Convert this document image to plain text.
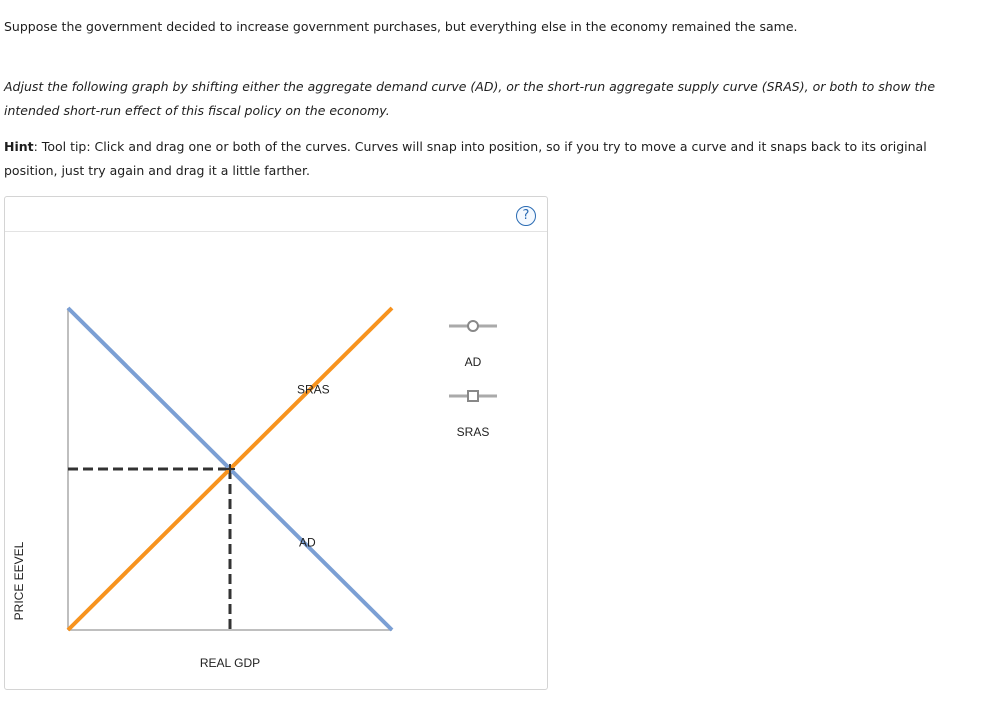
Suppose the government decided to increase government purchases, but everything else in the economy remained the same.

Adjust the following graph by shifting either the aggregate demand curve (AD), or the short-run aggregate supply curve (SRAS), or both to show the intended short-run effect of this fiscal policy on the economy.

Hint: Tool tip: Click and drag one or both of the curves. Curves will snap into position, so if you try to move a curve and it snaps back to its original position, just try again and drag it a little farther.

?
SRAS
AD
REAL GDP
PRICE EEVEL
AD
SRAS
